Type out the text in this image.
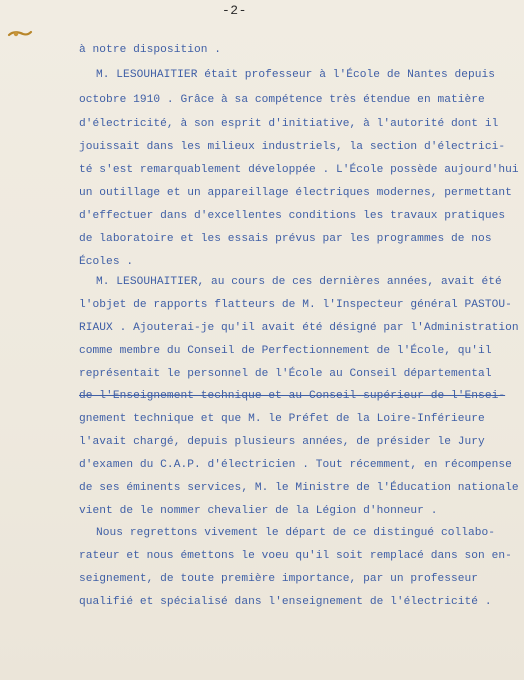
-2-
à notre disposition .
M. LESOUHAITIER était professeur à l'École de Nantes depuis
octobre 1910 . Grâce à sa compétence très étendue en matière
d'électricité, à son esprit d'initiative, à l'autorité dont il
jouissait dans les milieux industriels, la section d'électrici-
té s'est remarquablement développée . L'École possède aujourd'hui
un outillage et un appareillage électriques modernes, permettant
d'effectuer dans d'excellentes conditions les travaux pratiques
de laboratoire et les essais prévus par les programmes de nos
Écoles .
M. LESOUHAITIER, au cours de ces dernières années, avait été
l'objet de rapports flatteurs de M. l'Inspecteur général PASTOU-
RIAUX . Ajouterai-je qu'il avait été désigné par l'Administration
comme membre du Conseil de Perfectionnement de l'École, qu'il
représentait le personnel de l'École au Conseil départemental
de l'Enseignement technique et au Conseil supérieur de l'Ensei-
gnement technique et que M. le Préfet de la Loire-Inférieure
l'avait chargé, depuis plusieurs années, de présider le Jury
d'examen du C.A.P. d'électricien . Tout récemment, en récompense
de ses éminents services, M. le Ministre de l'Éducation nationale
vient de le nommer chevalier de la Légion d'honneur .
Nous regrettons vivement le départ de ce distingué collabo-
rateur et nous émettons le voeu qu'il soit remplacé dans son en-
seignement, de toute première importance, par un professeur
qualifié et spécialisé dans l'enseignement de l'électricité .
